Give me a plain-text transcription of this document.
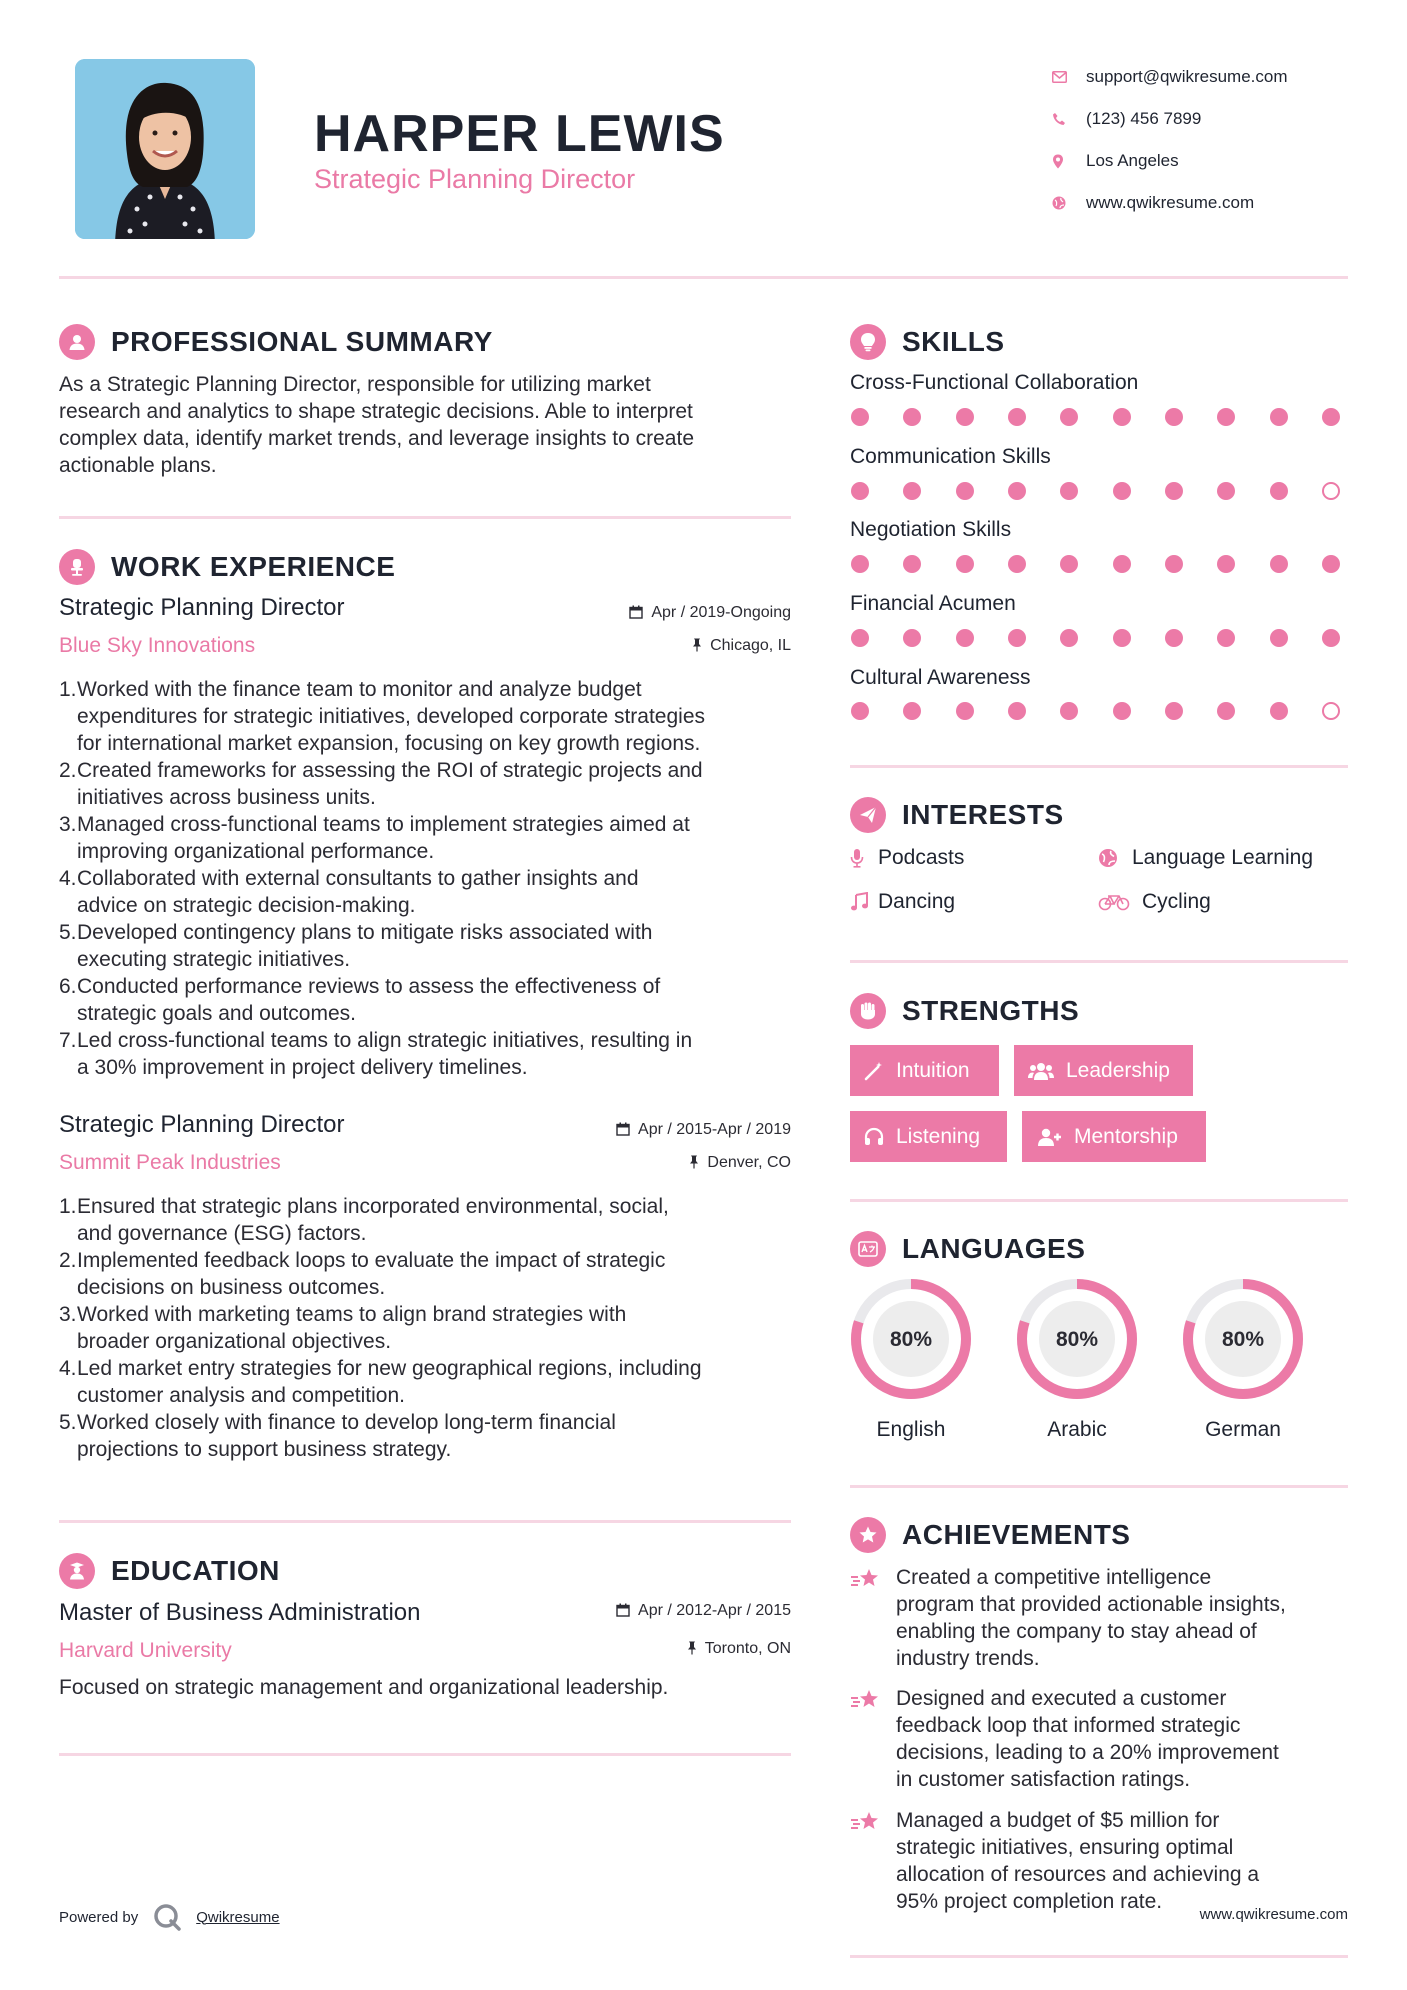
HARPER LEWIS
Strategic Planning Director
support@qwikresume.com
(123) 456 7899
Los Angeles
www.qwikresume.com
PROFESSIONAL SUMMARY
As a Strategic Planning Director, responsible for utilizing market
research and analytics to shape strategic decisions. Able to interpret
complex data, identify market trends, and leverage insights to create
actionable plans.
WORK EXPERIENCE
Strategic Planning Director	Apr / 2019-Ongoing
Blue Sky Innovations	Chicago, IL
1. Worked with the finance team to monitor and analyze budget
expenditures for strategic initiatives, developed corporate strategies
for international market expansion, focusing on key growth regions.
2. Created frameworks for assessing the ROI of strategic projects and
initiatives across business units.
3. Managed cross-functional teams to implement strategies aimed at
improving organizational performance.
4. Collaborated with external consultants to gather insights and
advice on strategic decision-making.
5. Developed contingency plans to mitigate risks associated with
executing strategic initiatives.
6. Conducted performance reviews to assess the effectiveness of
strategic goals and outcomes.
7. Led cross-functional teams to align strategic initiatives, resulting in
a 30% improvement in project delivery timelines.
Strategic Planning Director	Apr / 2015-Apr / 2019
Summit Peak Industries	Denver, CO
1. Ensured that strategic plans incorporated environmental, social,
and governance (ESG) factors.
2. Implemented feedback loops to evaluate the impact of strategic
decisions on business outcomes.
3. Worked with marketing teams to align brand strategies with
broader organizational objectives.
4. Led market entry strategies for new geographical regions, including
customer analysis and competition.
5. Worked closely with finance to develop long-term financial
projections to support business strategy.
EDUCATION
Master of Business Administration	Apr / 2012-Apr / 2015
Harvard University	Toronto, ON
Focused on strategic management and organizational leadership.
SKILLS
Cross-Functional Collaboration
Communication Skills
Negotiation Skills
Financial Acumen
Cultural Awareness
INTERESTS
Podcasts	Language Learning
Dancing	Cycling
STRENGTHS
Intuition	Leadership
Listening	Mentorship
LANGUAGES
80%
English
80%
Arabic
80%
German
ACHIEVEMENTS
Created a competitive intelligence
program that provided actionable insights,
enabling the company to stay ahead of
industry trends.
Designed and executed a customer
feedback loop that informed strategic
decisions, leading to a 20% improvement
in customer satisfaction ratings.
Managed a budget of $5 million for
strategic initiatives, ensuring optimal
allocation of resources and achieving a
95% project completion rate.
Powered by	Qwikresume	www.qwikresume.com
